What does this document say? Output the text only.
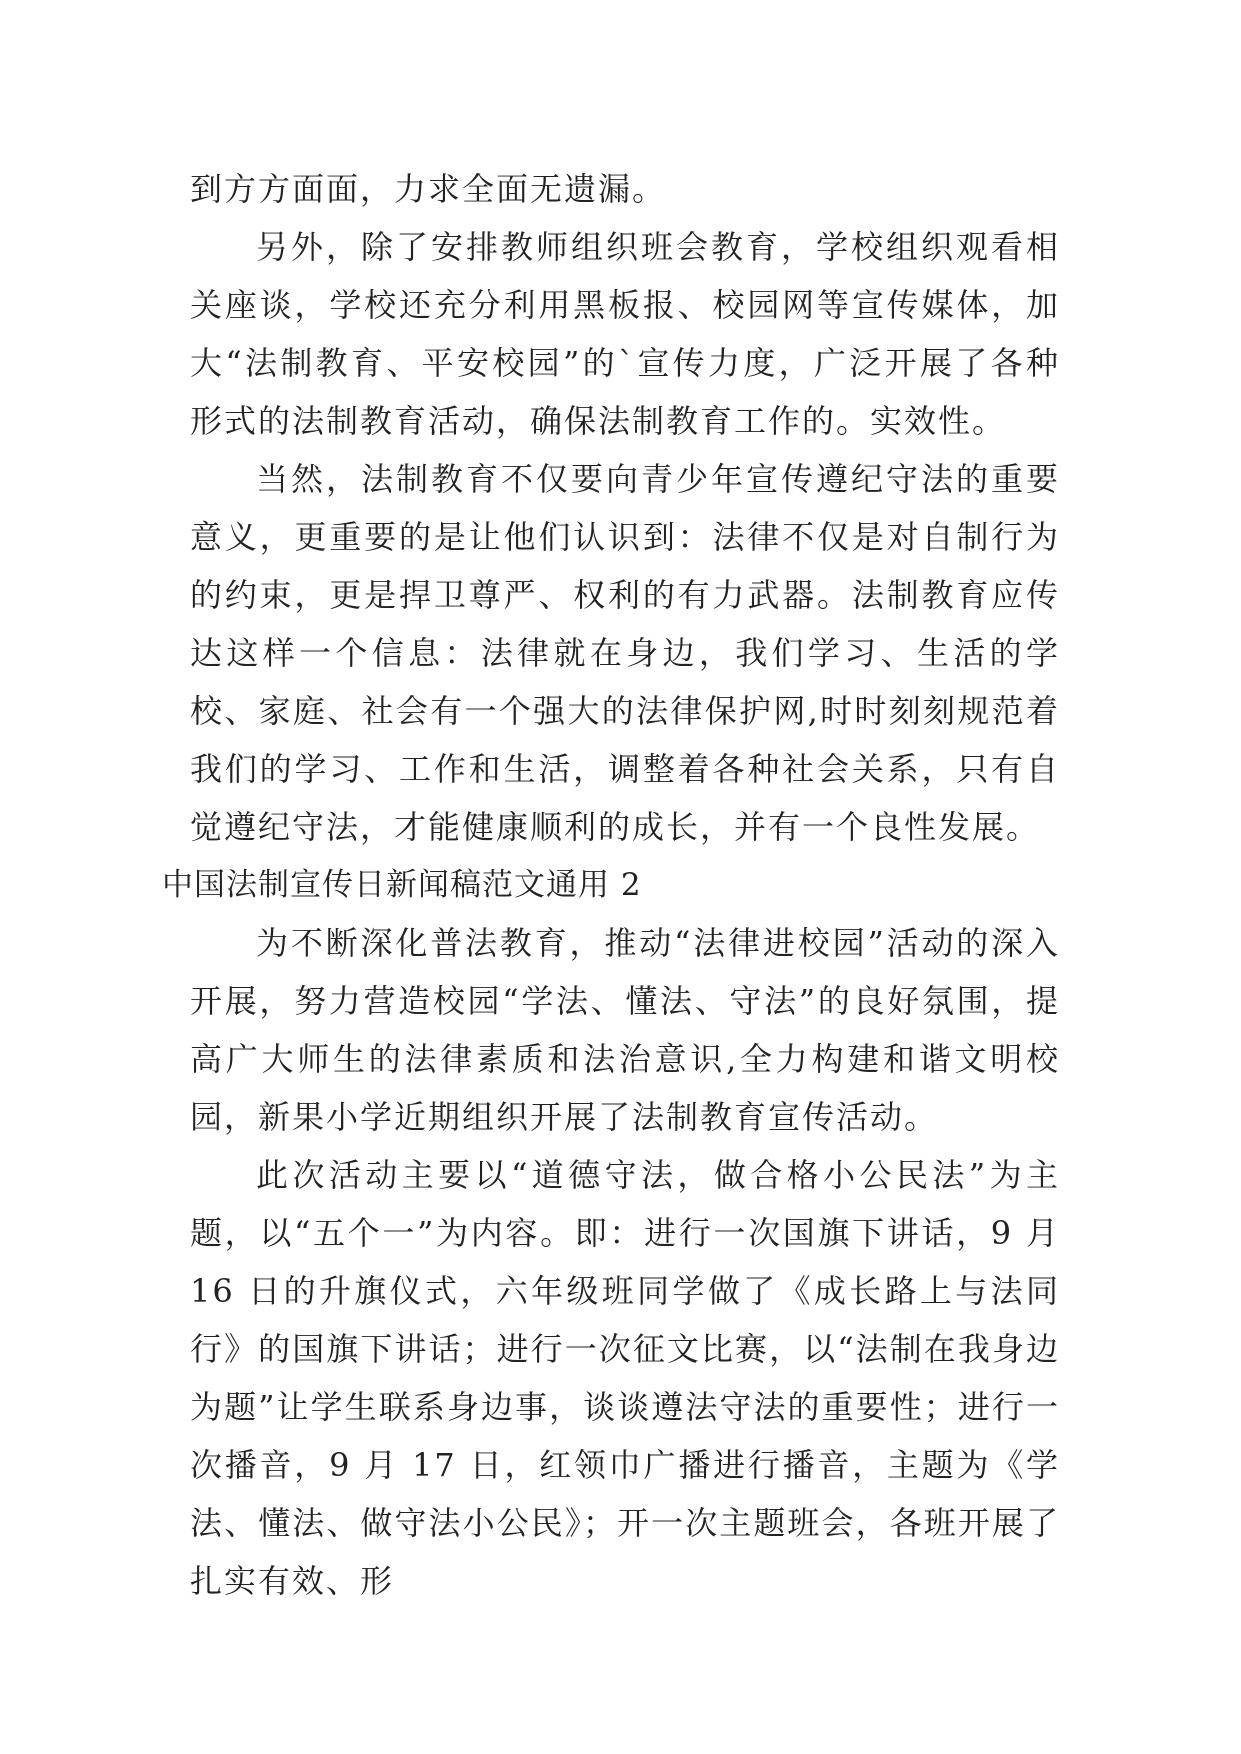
到方方面面，力求全面无遗漏。

另外，除了安排教师组织班会教育，学校组织观看相关座谈，学校还充分利用黑板报、校园网等宣传媒体，加大“法制教育、平安校园”的`宣传力度，广泛开展了各种形式的法制教育活动，确保法制教育工作的。实效性。

当然，法制教育不仅要向青少年宣传遵纪守法的重要意义，更重要的是让他们认识到：法律不仅是对自制行为的约束，更是捍卫尊严、权利的有力武器。法制教育应传达这样一个信息：法律就在身边，我们学习、生活的学校、家庭、社会有一个强大的法律保护网,时时刻刻规范着我们的学习、工作和生活，调整着各种社会关系，只有自觉遵纪守法，才能健康顺利的成长，并有一个良性发展。

中国法制宣传日新闻稿范文通用 2

为不断深化普法教育，推动“法律进校园”活动的深入开展，努力营造校园“学法、懂法、守法”的良好氛围，提高广大师生的法律素质和法治意识,全力构建和谐文明校园，新果小学近期组织开展了法制教育宣传活动。

此次活动主要以“道德守法，做合格小公民法”为主题，以“五个一”为内容。即：进行一次国旗下讲话，9 月 16 日的升旗仪式，六年级班同学做了《成长路上与法同行》的国旗下讲话；进行一次征文比赛，以“法制在我身边为题”让学生联系身边事，谈谈遵法守法的重要性；进行一次播音，9 月 17 日，红领巾广播进行播音，主题为《学法、懂法、做守法小公民》；开一次主题班会，各班开展了扎实有效、形
